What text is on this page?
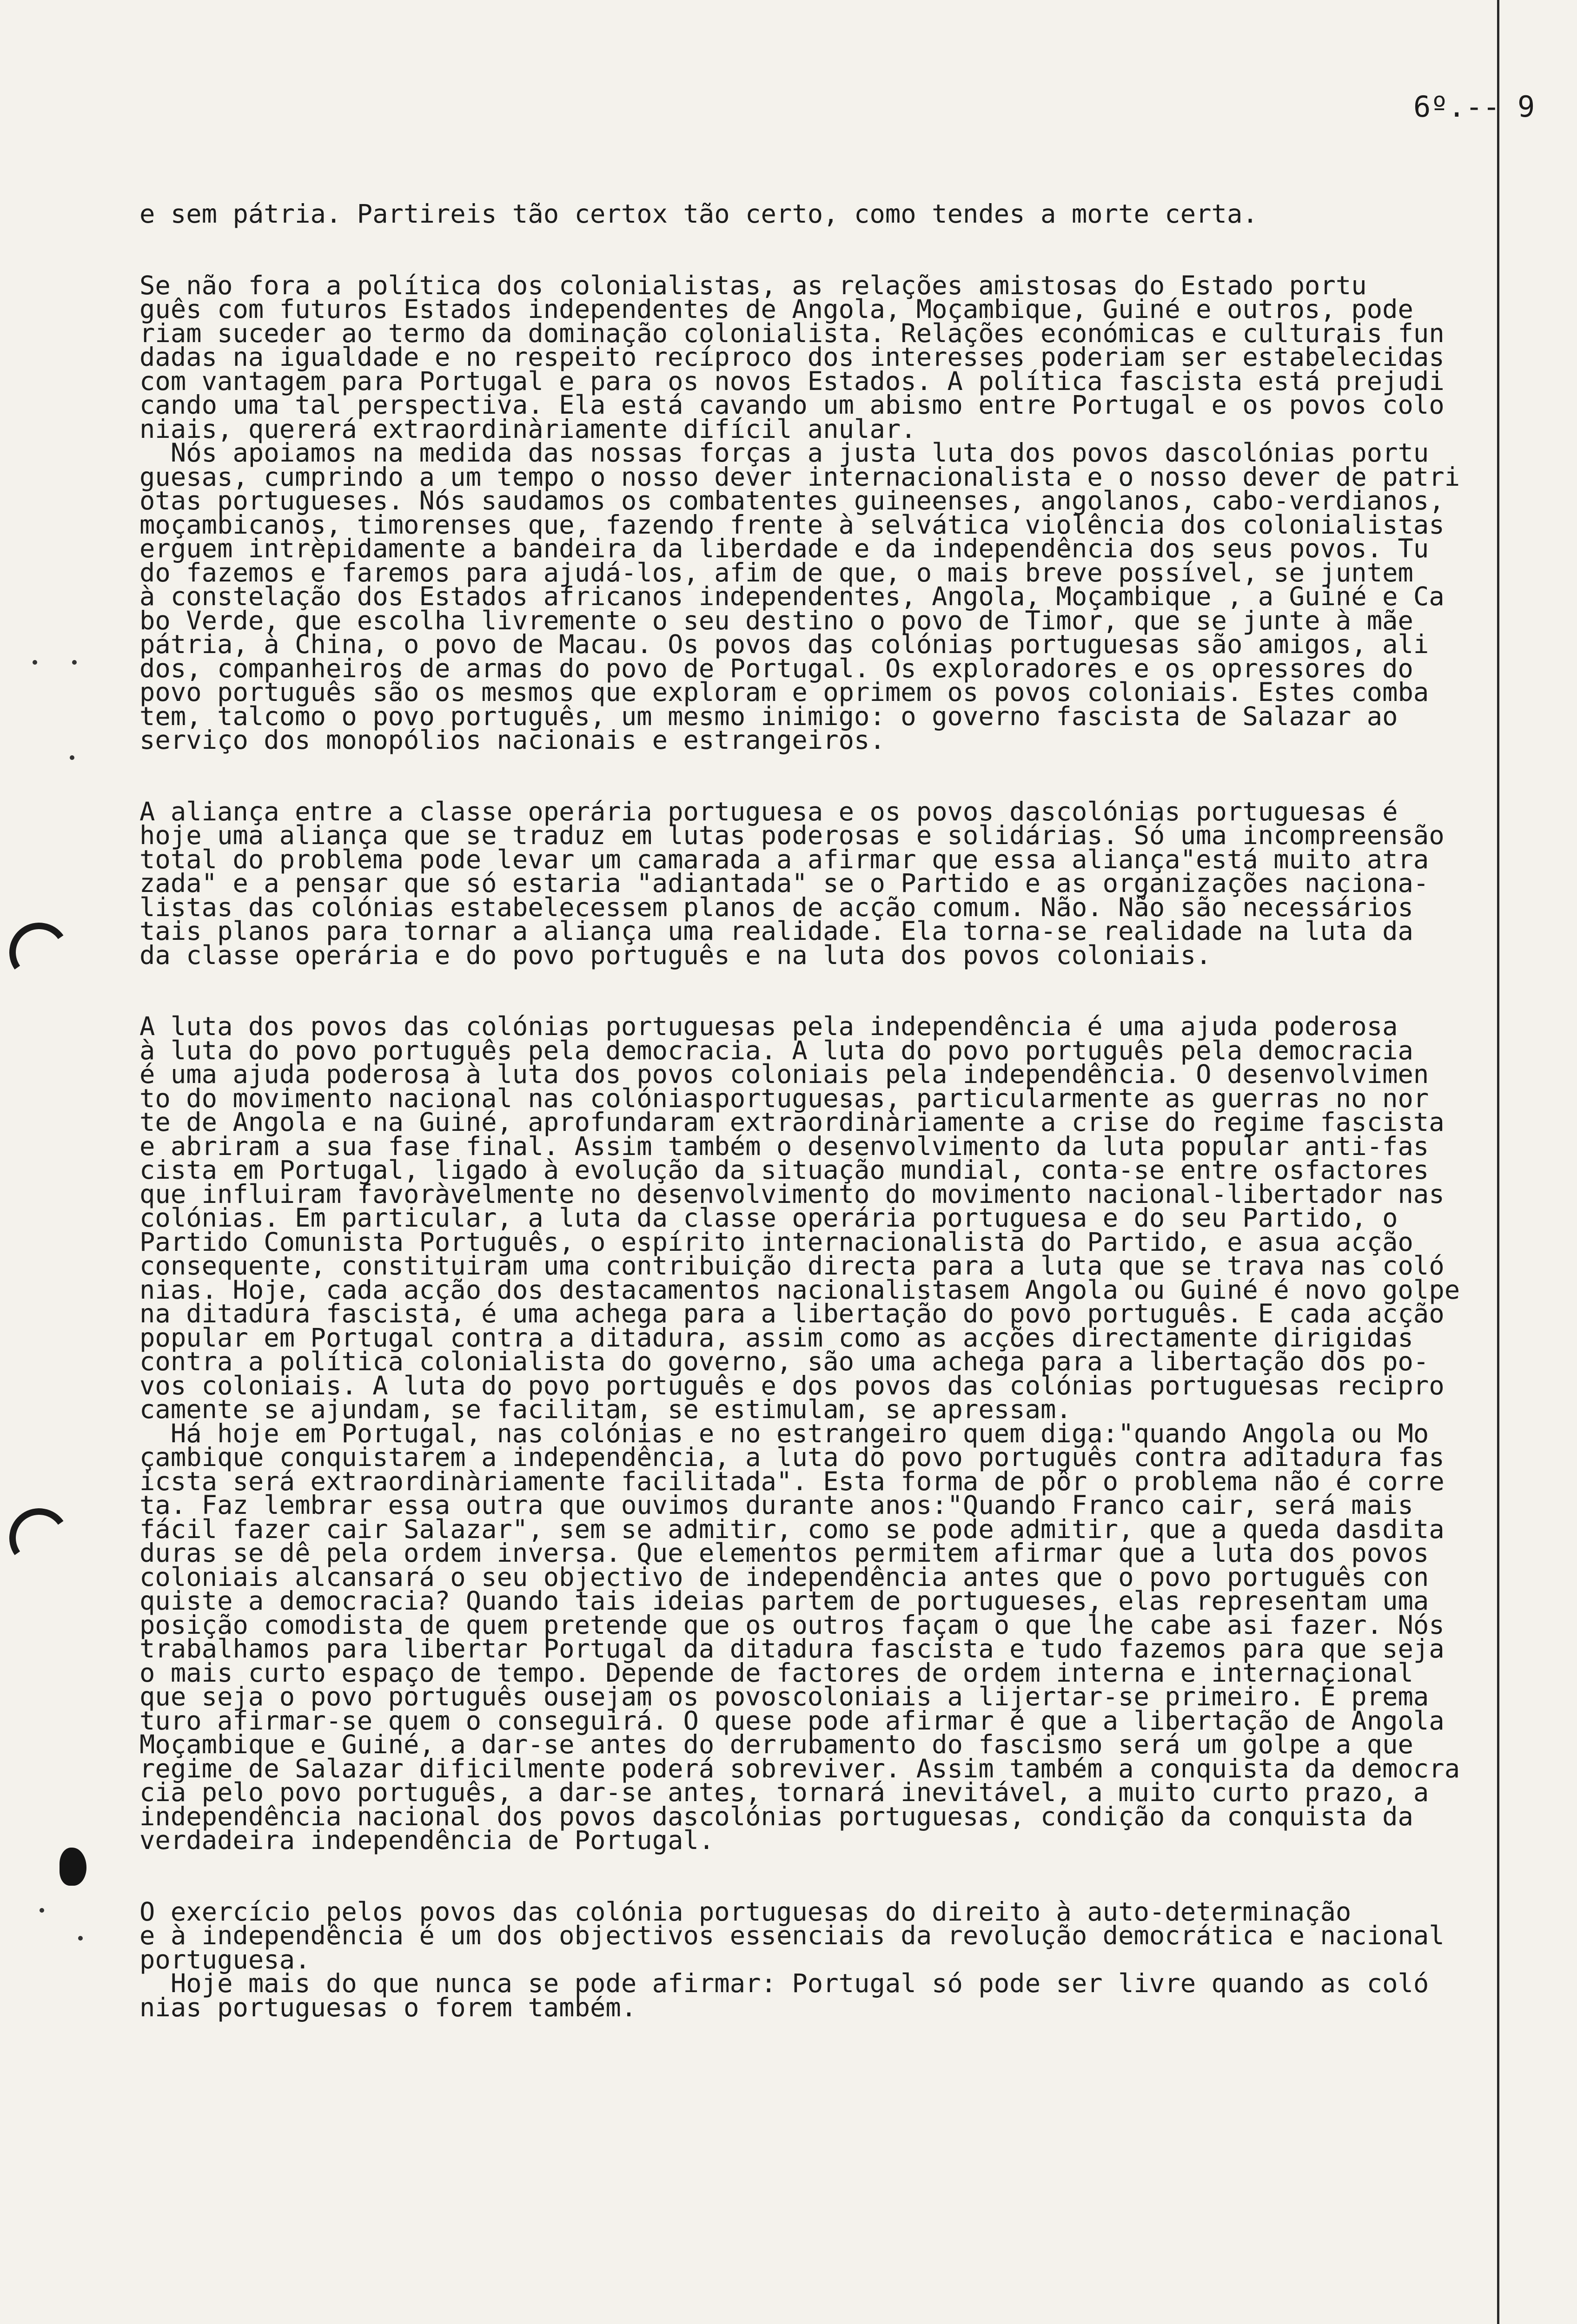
6º.-- 9
e sem pátria. Partireis tão certox tão certo, como tendes a morte certa.
Se não fora a política dos colonialistas, as relações amistosas do Estado portu
guês com futuros Estados independentes de Angola, Moçambique, Guiné e outros, pode
riam suceder ao termo da dominação colonialista. Relações económicas e culturais fun
dadas na igualdade e no respeito recíproco dos interesses poderiam ser estabelecidas
com vantagem para Portugal e para os novos Estados. A política fascista está prejudi
cando uma tal perspectiva. Ela está cavando um abismo entre Portugal e os povos colo
niais, quererá extraordinàriamente difícil anular.
Nós apoiamos na medida das nossas forças a justa luta dos povos dascolónias portu
guesas, cumprindo a um tempo o nosso dever internacionalista e o nosso dever de patri
otas portugueses. Nós saudamos os combatentes guineenses, angolanos, cabo-verdianos,
moçambicanos, timorenses que, fazendo frente à selvática violência dos colonialistas
erguem intrèpidamente a bandeira da liberdade e da independência dos seus povos. Tu
do fazemos e faremos para ajudá-los, afim de que, o mais breve possível, se juntem
à constelação dos Estados africanos independentes, Angola, Moçambique , a Guiné e Ca
bo Verde, que escolha livremente o seu destino o povo de Timor, que se junte à mãe
pátria, à China, o povo de Macau. Os povos das colónias portuguesas são amigos, ali
dos, companheiros de armas do povo de Portugal. Os exploradores e os opressores do
povo português são os mesmos que exploram e oprimem os povos coloniais. Estes comba
tem, talcomo o povo português, um mesmo inimigo: o governo fascista de Salazar ao
serviço dos monopólios nacionais e estrangeiros.
A aliança entre a classe operária portuguesa e os povos dascolónias portuguesas é
hoje uma aliança que se traduz em lutas poderosas e solidárias. Só uma incompreensão
total do problema pode levar um camarada a afirmar que essa aliança"está muito atra
zada" e a pensar que só estaria "adiantada" se o Partido e as organizações naciona-
listas das colónias estabelecessem planos de acção comum. Não. Não são necessários
tais planos para tornar a aliança uma realidade. Ela torna-se realidade na luta da
da classe operária e do povo português e na luta dos povos coloniais.
A luta dos povos das colónias portuguesas pela independência é uma ajuda poderosa
à luta do povo português pela democracia. A luta do povo português pela democracia
é uma ajuda poderosa à luta dos povos coloniais pela independência. O desenvolvimen
to do movimento nacional nas colóniasportuguesas, particularmente as guerras no nor
te de Angola e na Guiné, aprofundaram extraordinàriamente a crise do regime fascista
e abriram a sua fase final. Assim também o desenvolvimento da luta popular anti-fas
cista em Portugal, ligado à evolução da situação mundial, conta-se entre osfactores
que influiram favoràvelmente no desenvolvimento do movimento nacional-libertador nas
colónias. Em particular, a luta da classe operária portuguesa e do seu Partido, o
Partido Comunista Português, o espírito internacionalista do Partido, e asua acção
consequente, constituiram uma contribuição directa para a luta que se trava nas coló
nias. Hoje, cada acção dos destacamentos nacionalistasem Angola ou Guiné é novo golpe
na ditadura fascista, é uma achega para a libertação do povo português. E cada acção
popular em Portugal contra a ditadura, assim como as acções directamente dirigidas
contra a política colonialista do governo, são uma achega para a libertação dos po-
vos coloniais. A luta do povo português e dos povos das colónias portuguesas recipro
camente se ajundam, se facilitam, se estimulam, se apressam.
Há hoje em Portugal, nas colónias e no estrangeiro quem diga:"quando Angola ou Mo
çambique conquistarem a independência, a luta do povo português contra aditadura fas
icsta será extraordinàriamente facilitada". Esta forma de pôr o problema não é corre
ta. Faz lembrar essa outra que ouvimos durante anos:"Quando Franco cair, será mais
fácil fazer cair Salazar", sem se admitir, como se pode admitir, que a queda dasdita
duras se dê pela ordem inversa. Que elementos permitem afirmar que a luta dos povos
coloniais alcansará o seu objectivo de independência antes que o povo português con
quiste a democracia? Quando tais ideias partem de portugueses, elas representam uma
posição comodista de quem pretende que os outros façam o que lhe cabe asi fazer. Nós
trabalhamos para libertar Portugal da ditadura fascista e tudo fazemos para que seja
o mais curto espaço de tempo. Depende de factores de ordem interna e internacional
que seja o povo português ousejam os povoscoloniais a lijertar-se primeiro. É prema
turo afirmar-se quem o conseguirá. O quese pode afirmar é que a libertação de Angola
Moçambique e Guiné, a dar-se antes do derrubamento do fascismo será um golpe a que
regime de Salazar dificilmente poderá sobreviver. Assim também a conquista da democra
cia pelo povo português, a dar-se antes, tornará inevitável, a muito curto prazo, a
independência nacional dos povos dascolónias portuguesas, condição da conquista da
verdadeira independência de Portugal.
O exercício pelos povos das colónia portuguesas do direito à auto-determinação
e à independência é um dos objectivos essenciais da revolução democrática e nacional
portuguesa.
Hoje mais do que nunca se pode afirmar: Portugal só pode ser livre quando as coló
nias portuguesas o forem também.
